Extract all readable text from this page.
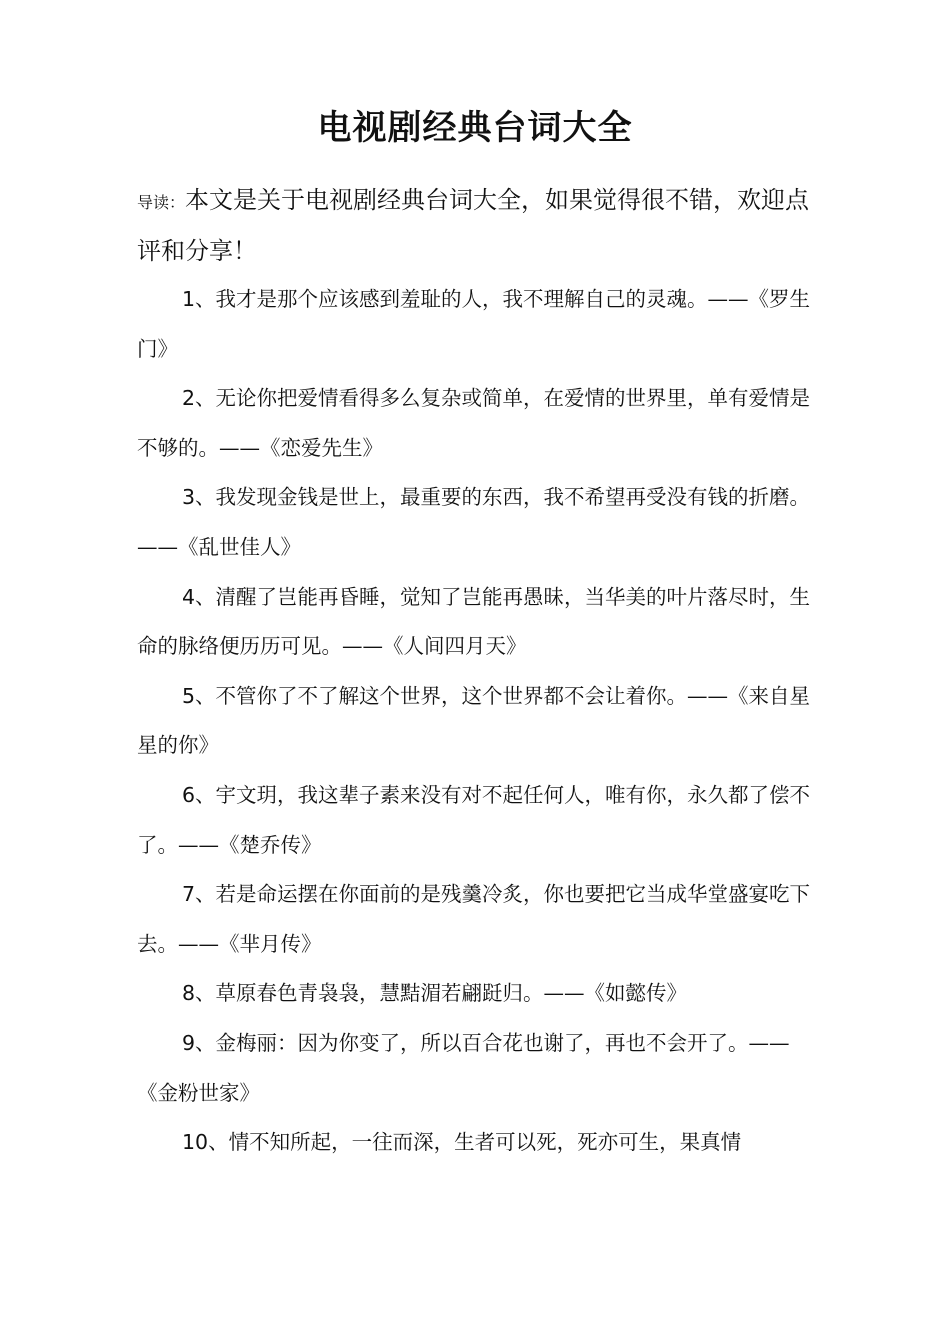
电视剧经典台词大全

导读：本文是关于电视剧经典台词大全，如果觉得很不错，欢迎点评和分享！

1、我才是那个应该感到羞耻的人，我不理解自己的灵魂。——《罗生门》
2、无论你把爱情看得多么复杂或简单，在爱情的世界里，单有爱情是不够的。——《恋爱先生》
3、我发现金钱是世上，最重要的东西，我不希望再受没有钱的折磨。——《乱世佳人》
4、清醒了岂能再昏睡，觉知了岂能再愚昧，当华美的叶片落尽时，生命的脉络便历历可见。——《人间四月天》
5、不管你了不了解这个世界，这个世界都不会让着你。——《来自星星的你》
6、宇文玥，我这辈子素来没有对不起任何人，唯有你，永久都了偿不了。——《楚乔传》
7、若是命运摆在你面前的是残羹冷炙，你也要把它当成华堂盛宴吃下去。——《芈月传》
8、草原春色青袅袅，慧黠湄若翩跹归。——《如懿传》
9、金梅丽：因为你变了，所以百合花也谢了，再也不会开了。——《金粉世家》
10、情不知所起，一往而深，生者可以死，死亦可生，果真情
